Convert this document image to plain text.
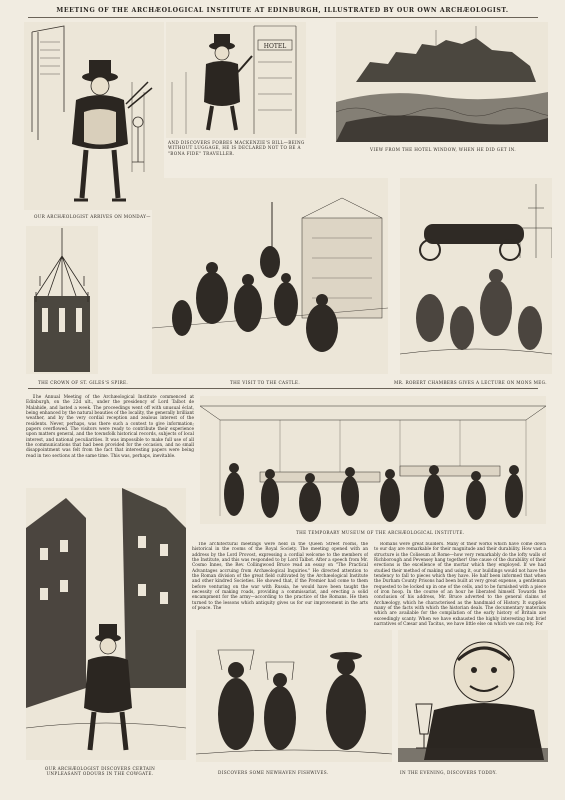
MEETING OF THE ARCHÆOLOGICAL INSTITUTE AT EDINBURGH, ILLUSTRATED BY OUR OWN ARCHÆOLOGIST.
OUR ARCHÆOLOGIST ARRIVES ON MONDAY—
HOTEL
AND DISCOVERS FORBES MACKENZIE'S BILL—BEING WITHOUT LUGGAGE, HE IS DECLARED NOT TO BE A "BONA FIDE" TRAVELLER.
VIEW FROM THE HOTEL WINDOW, WHEN HE DID GET IN.
THE CROWN OF ST. GILES'S SPIRE.	THE VISIT TO THE CASTLE.	MR. ROBERT CHAMBERS GIVES A LECTURE ON MONS MEG.

The Annual Meeting of the Archæological Institute commenced at Edinburgh, on the 22d ult., under the presidency of Lord Talbot de Malahide, and lasted a week. The proceedings went off with unusual éclat, being enhanced by the natural beauties of the locality, the generally brilliant weather, and by the very cordial reception and zealous interest of the residents. Never, perhaps, was there such a contest to give information; papers overflowed. The visitors were ready to contribute their experience upon matters general, and the townsfolk historical records, subjects of local interest, and national peculiarities. It was impossible to make full use of all the communications that had been provided for the occasion, and no small disappointment was felt from the fact that interesting papers were being read in two sections at the same time. This was, perhaps, inevitable.

THE TEMPORARY MUSEUM OF THE ARCHÆOLOGICAL INSTITUTE.
OUR ARCHÆOLOGIST DISCOVERS CERTAIN UNPLEASANT ODOURS IN THE COWGATE.

The architectural meetings were held in the Queen Street rooms, the historical in the rooms of the Royal Society. The meeting opened with an address by the Lord Provost, expressing a cordial welcome to the members of the Institute, and this was responded to by Lord Talbot. After a speech from Mr. Cosmo Innes, the Rev. Collingwood Bruce read an essay on "The Practical Advantages accruing from Archæological Inquiries." He directed attention to the Roman division of the great field cultivated by the Archæological Institute and other kindred Societies. He showed that, if the Premier had come to them before venturing on the war with Russia, he would have been taught the necessity of making roads, providing a commissariat, and erecting a solid encampment for the army—according to the practice of the Romans. He then turned to the lessons which antiquity gives us for our improvement in the arts of peace. The

Romans were great builders. Many of their works which have come down to our day are remarkable for their magnitude and their durability. How vast a structure is the Coliseum at Rome—how very remarkably do the lofty walls of Richborough and Pevensey hang together! One cause of the durability of their erections is the excellence of the mortar which they employed. If we had studied their method of making and using it, our buildings would not have the tendency to fall to pieces which they have. He half been informed that when the Durham County Prisons had been built at very great expense, a gentleman requested to be locked up in one of the cells, and to be furnished with a piece of iron hoop. In the course of an hour he liberated himself. Towards the conclusion of his address, Mr. Bruce adverted to the general claims of Archæology, which he characterised as the handmaid of History. It supplies many of the facts with which the historian deals. The documentary materials which are available for the compilation of the early history of Britain are exceedingly scanty. When we have exhausted the highly interesting but brief narratives of Cæsar and Tacitus, we have little else on which we can rely. For

DISCOVERS SOME NEWHAVEN FISHWIVES.	IN THE EVENING, DISCOVERS TODDY.
